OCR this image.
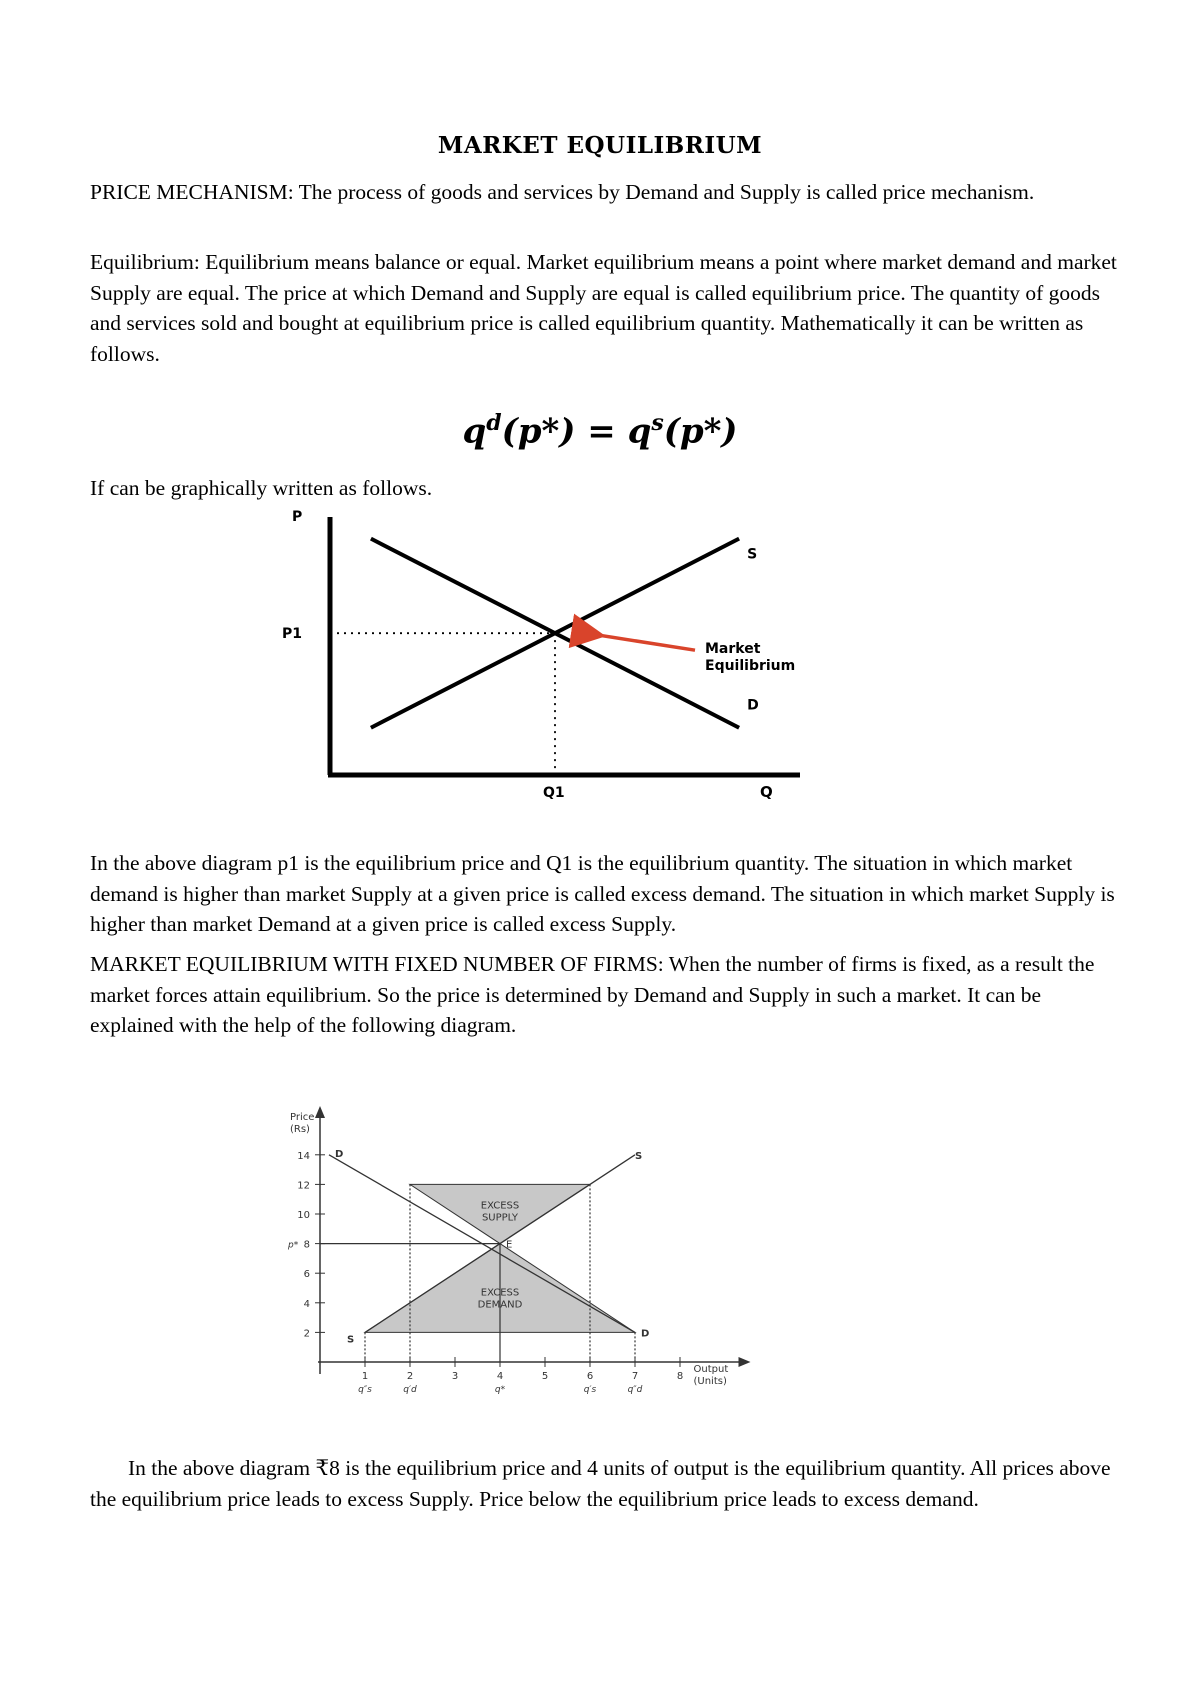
MARKET EQUILIBRIUM
PRICE MECHANISM: The process of goods and services by Demand and Supply is called price mechanism.
Equilibrium: Equilibrium means balance or equal. Market equilibrium means a point where market demand and market Supply are equal. The price at which Demand and Supply are equal is called equilibrium price. The quantity of goods and services sold and bought at equilibrium price is called equilibrium quantity. Mathematically it can be written as follows.
$q^d(p*) = q^s(p*)$
If can be graphically written as follows.
P
P1
Q1	Q
S
D
Market Equilibrium
In the above diagram p1 is the equilibrium price and Q1 is the equilibrium quantity. The situation in which market demand is higher than market Supply at a given price is called excess demand. The situation in which market Supply is higher than market Demand at a given price is called excess Supply.
MARKET EQUILIBRIUM WITH FIXED NUMBER OF FIRMS: When the number of firms is fixed, as a result the market forces attain equilibrium. So the price is determined by Demand and Supply in such a market. It can be explained with the help of the following diagram.
2
4
6
8
10
12
14
1	2	3	4	5	6	7	8
Price
(Rs)
Output
(Units)
p*	E
D
D
S
S
EXCESS
SUPPLY
EXCESS
DEMAND
q″s	q′d	q*	q′s	q″d
In the above diagram ₹8 is the equilibrium price and 4 units of output is the equilibrium quantity. All prices above the equilibrium price leads to excess Supply. Price below the equilibrium price leads to excess demand.
